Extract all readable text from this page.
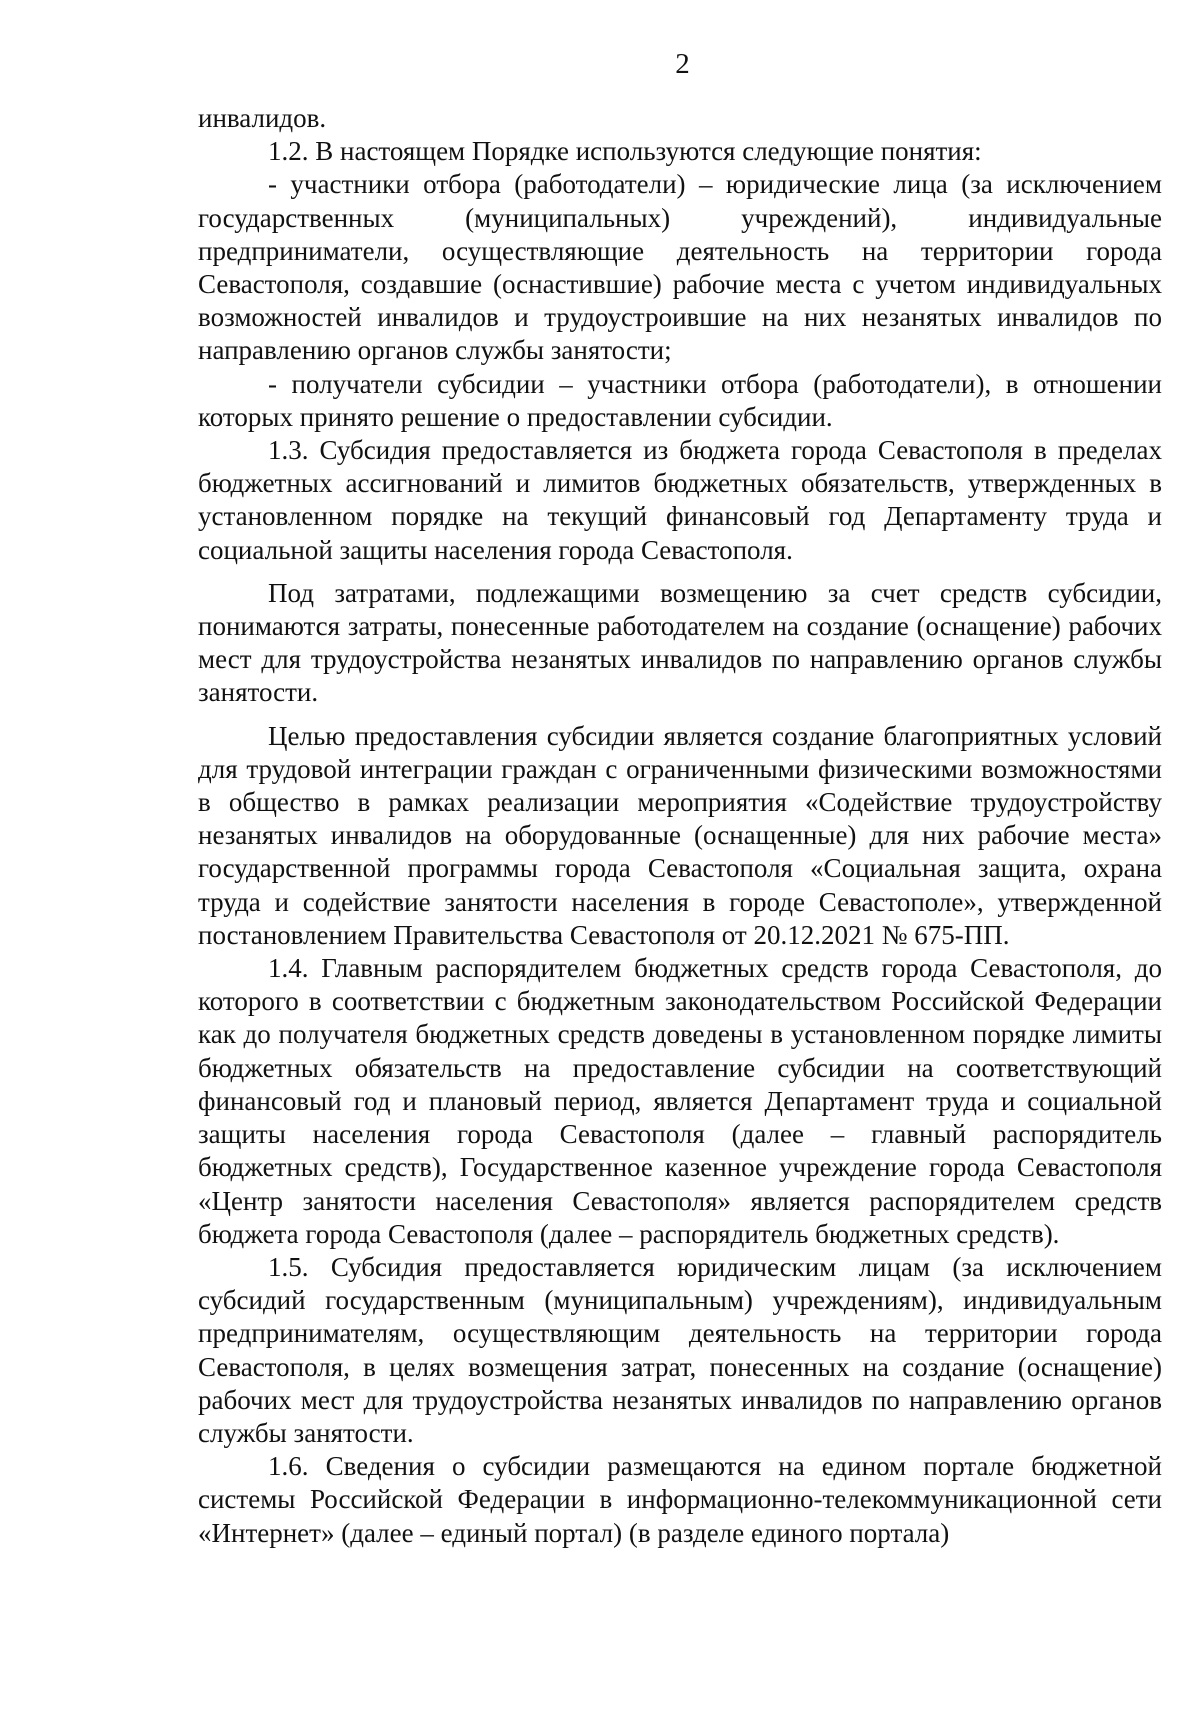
2

инвалидов.

1.2. В настоящем Порядке используются следующие понятия:

- участники отбора (работодатели) – юридические лица (за исключением государственных (муниципальных) учреждений), индивидуальные предприниматели, осуществляющие деятельность на территории города Севастополя, создавшие (оснастившие) рабочие места с учетом индивидуальных возможностей инвалидов и трудоустроившие на них незанятых инвалидов по направлению органов службы занятости;

- получатели субсидии – участники отбора (работодатели), в отношении которых принято решение о предоставлении субсидии.

1.3. Субсидия предоставляется из бюджета города Севастополя в пределах бюджетных ассигнований и лимитов бюджетных обязательств, утвержденных в установленном порядке на текущий финансовый год Департаменту труда и социальной защиты населения города Севастополя.

Под затратами, подлежащими возмещению за счет средств субсидии, понимаются затраты, понесенные работодателем на создание (оснащение) рабочих мест для трудоустройства незанятых инвалидов по направлению органов службы занятости.

Целью предоставления субсидии является создание благоприятных условий для трудовой интеграции граждан с ограниченными физическими возможностями в общество в рамках реализации мероприятия «Содействие трудоустройству незанятых инвалидов на оборудованные (оснащенные) для них рабочие места» государственной программы города Севастополя «Социальная защита, охрана труда и содействие занятости населения в городе Севастополе», утвержденной постановлением Правительства Севастополя от 20.12.2021 № 675-ПП.

1.4. Главным распорядителем бюджетных средств города Севастополя, до которого в соответствии с бюджетным законодательством Российской Федерации как до получателя бюджетных средств доведены в установленном порядке лимиты бюджетных обязательств на предоставление субсидии на соответствующий финансовый год и плановый период, является Департамент труда и социальной защиты населения города Севастополя (далее – главный распорядитель бюджетных средств), Государственное казенное учреждение города Севастополя «Центр занятости населения Севастополя» является распорядителем средств бюджета города Севастополя (далее – распорядитель бюджетных средств).

1.5. Субсидия предоставляется юридическим лицам (за исключением субсидий государственным (муниципальным) учреждениям), индивидуальным предпринимателям, осуществляющим деятельность на территории города Севастополя, в целях возмещения затрат, понесенных на создание (оснащение) рабочих мест для трудоустройства незанятых инвалидов по направлению органов службы занятости.

1.6. Сведения о субсидии размещаются на едином портале бюджетной системы Российской Федерации в информационно-телекоммуникационной сети «Интернет» (далее – единый портал) (в разделе единого портала)
